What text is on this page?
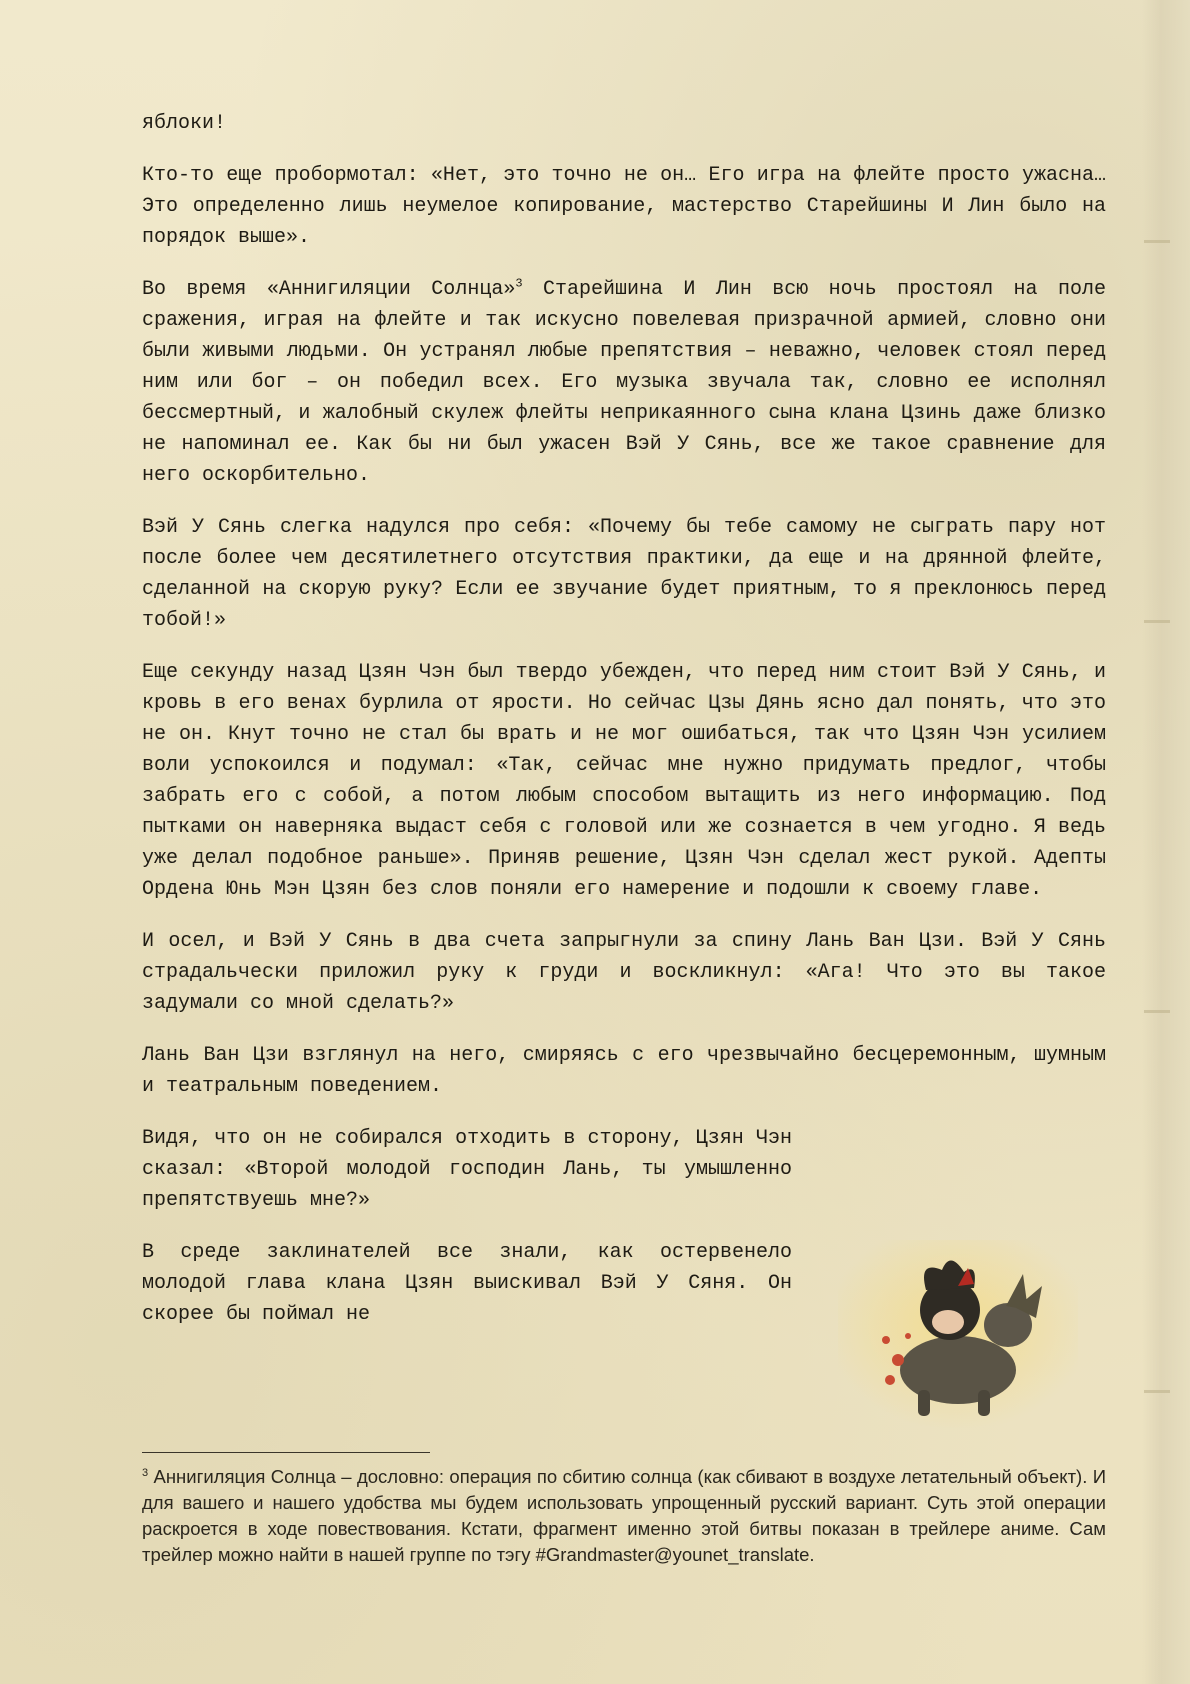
яблоки!

Кто-то еще пробормотал: «Нет, это точно не он… Его игра на флейте просто ужасна… Это определенно лишь неумелое копирование, мастерство Старейшины И Лин было на порядок выше».

Во время «Аннигиляции Солнца»$^3$ Старейшина И Лин всю ночь простоял на поле сражения, играя на флейте и так искусно повелевая призрачной армией, словно они были живыми людьми. Он устранял любые препятствия – неважно, человек стоял перед ним или бог – он победил всех. Его музыка звучала так, словно ее исполнял бессмертный, и жалобный скулеж флейты неприкаянного сына клана Цзинь даже близко не напоминал ее. Как бы ни был ужасен Вэй У Сянь, все же такое сравнение для него оскорбительно.

Вэй У Сянь слегка надулся про себя: «Почему бы тебе самому не сыграть пару нот после более чем десятилетнего отсутствия практики, да еще и на дрянной флейте, сделанной на скорую руку? Если ее звучание будет приятным, то я преклонюсь перед тобой!»

Еще секунду назад Цзян Чэн был твердо убежден, что перед ним стоит Вэй У Сянь, и кровь в его венах бурлила от ярости. Но сейчас Цзы Дянь ясно дал понять, что это не он. Кнут точно не стал бы врать и не мог ошибаться, так что Цзян Чэн усилием воли успокоился и подумал: «Так, сейчас мне нужно придумать предлог, чтобы забрать его с собой, а потом любым способом вытащить из него информацию. Под пытками он наверняка выдаст себя с головой или же сознается в чем угодно. Я ведь уже делал подобное раньше». Приняв решение, Цзян Чэн сделал жест рукой. Адепты Ордена Юнь Мэн Цзян без слов поняли его намерение и подошли к своему главе.

И осел, и Вэй У Сянь в два счета запрыгнули за спину Лань Ван Цзи. Вэй У Сянь страдальчески приложил руку к груди и воскликнул: «Ага! Что это вы такое задумали со мной сделать?»

Лань Ван Цзи взглянул на него, смиряясь с его чрезвычайно бесцеремонным, шумным и театральным поведением.

Видя, что он не собирался отходить в сторону, Цзян Чэн сказал: «Второй молодой господин Лань, ты умышленно препятствуешь мне?»

В среде заклинателей все знали, как остервенело молодой глава клана Цзян выискивал Вэй У Сяня. Он скорее бы поймал не

$^3$ Аннигиляция Солнца – дословно: операция по сбитию солнца (как сбивают в воздухе летательный объект). И для вашего и нашего удобства мы будем использовать упрощенный русский вариант. Суть этой операции раскроется в ходе повествования. Кстати, фрагмент именно этой битвы показан в трейлере аниме. Сам трейлер можно найти в нашей группе по тэгу #Grandmaster@younet_translate.
